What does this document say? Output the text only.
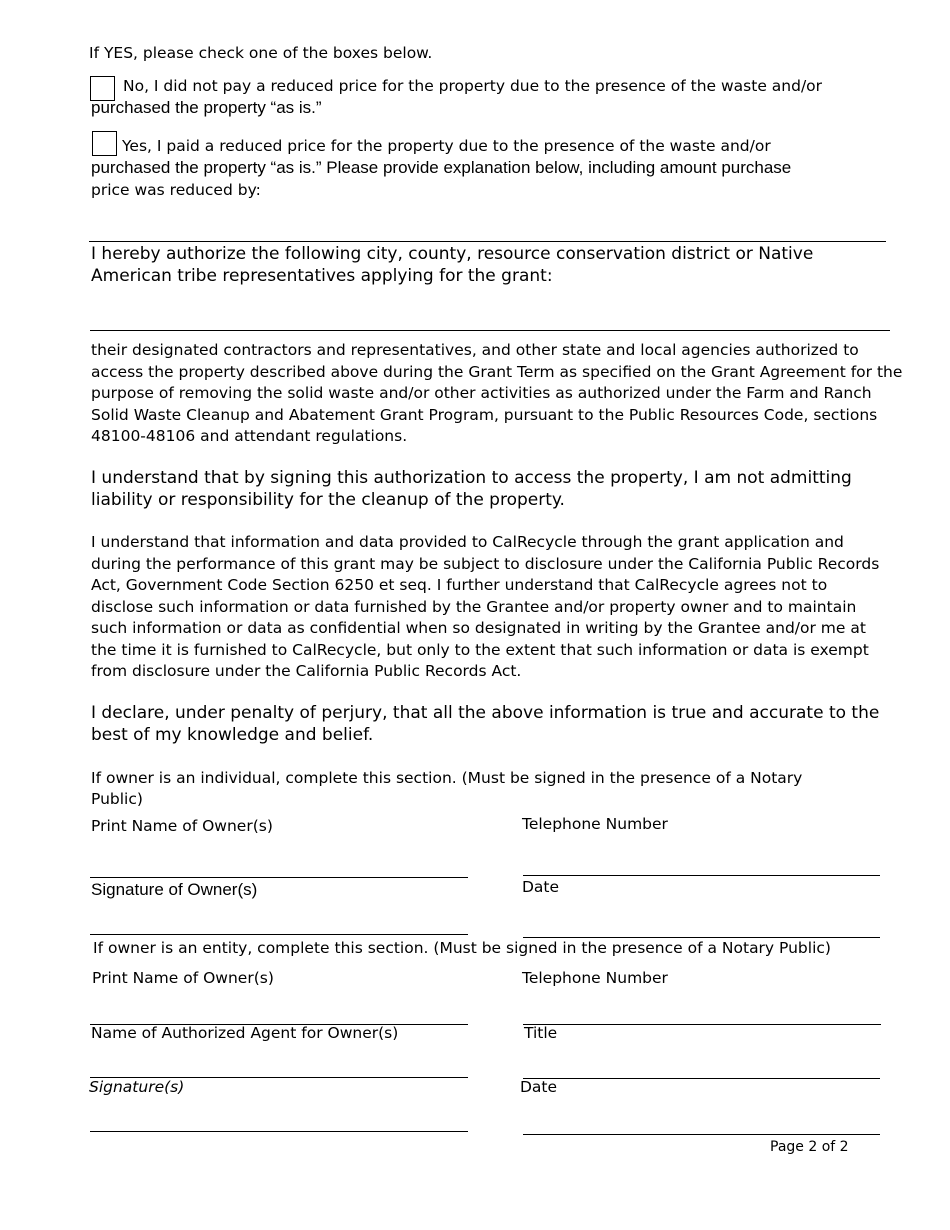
If YES, please check one of the boxes below.
No, I did not pay a reduced price for the property due to the presence of the waste and/or
purchased the property “as is.”
Yes, I paid a reduced price for the property due to the presence of the waste and/or
purchased the property “as is.” Please provide explanation below, including amount purchase
price was reduced by:
I hereby authorize the following city, county, resource conservation district or Native
American tribe representatives applying for the grant:

their designated contractors and representatives, and other state and local agencies authorized to access the property described above during the Grant Term as specified on the Grant Agreement for the purpose of removing the solid waste and/or other activities as authorized under the Farm and Ranch Solid Waste Cleanup and Abatement Grant Program, pursuant to the Public Resources Code, sections 48100-48106 and attendant regulations.

I understand that by signing this authorization to access the property, I am not admitting liability or responsibility for the cleanup of the property.

I understand that information and data provided to CalRecycle through the grant application and during the performance of this grant may be subject to disclosure under the California Public Records Act, Government Code Section 6250 et seq. I further understand that CalRecycle agrees not to disclose such information or data furnished by the Grantee and/or property owner and to maintain such information or data as confidential when so designated in writing by the Grantee and/or me at the time it is furnished to CalRecycle, but only to the extent that such information or data is exempt from disclosure under the California Public Records Act.

I declare, under penalty of perjury, that all the above information is true and accurate to the best of my knowledge and belief.

If owner is an individual, complete this section. (Must be signed in the presence of a Notary
Public)
Print Name of Owner(s)	Telephone Number
Signature of Owner(s)	Date
If owner is an entity, complete this section. (Must be signed in the presence of a Notary Public)
Print Name of Owner(s)	Telephone Number
Name of Authorized Agent for Owner(s)	Title
Signature(s)	Date
Page 2 of 2
